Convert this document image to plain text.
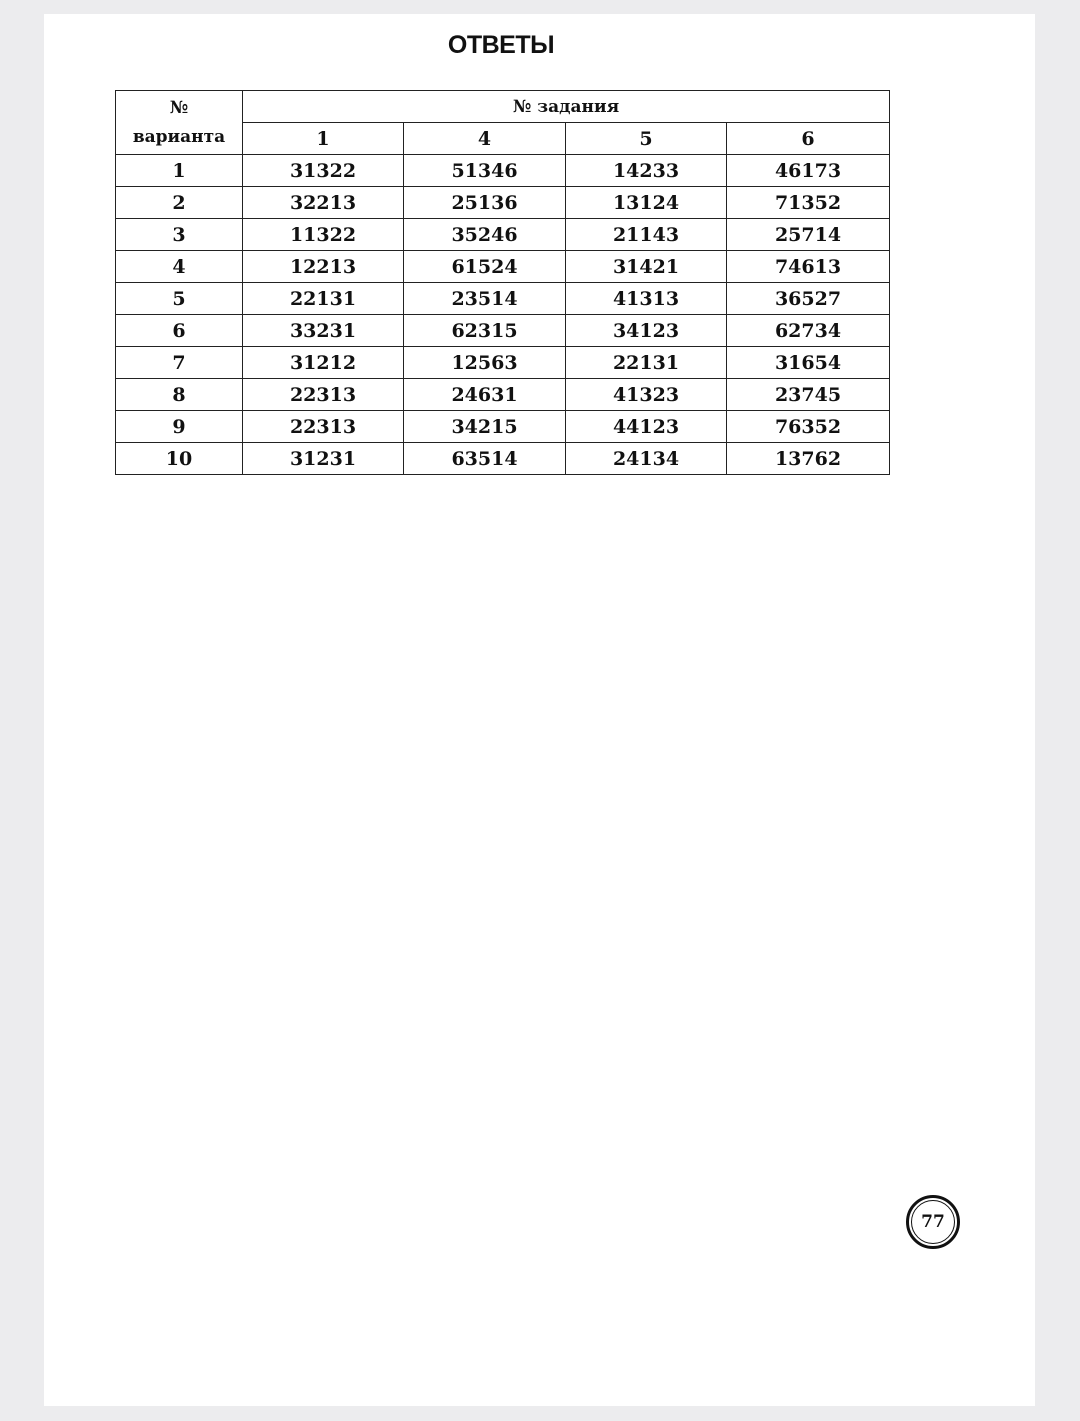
ОТВЕТЫ
№
варианта	№ задания			
	1	4	5	6
1	31322	51346	14233	46173
2	32213	25136	13124	71352
3	11322	35246	21143	25714
4	12213	61524	31421	74613
5	22131	23514	41313	36527
6	33231	62315	34123	62734
7	31212	12563	22131	31654
8	22313	24631	41323	23745
9	22313	34215	44123	76352
10	31231	63514	24134	13762
77
